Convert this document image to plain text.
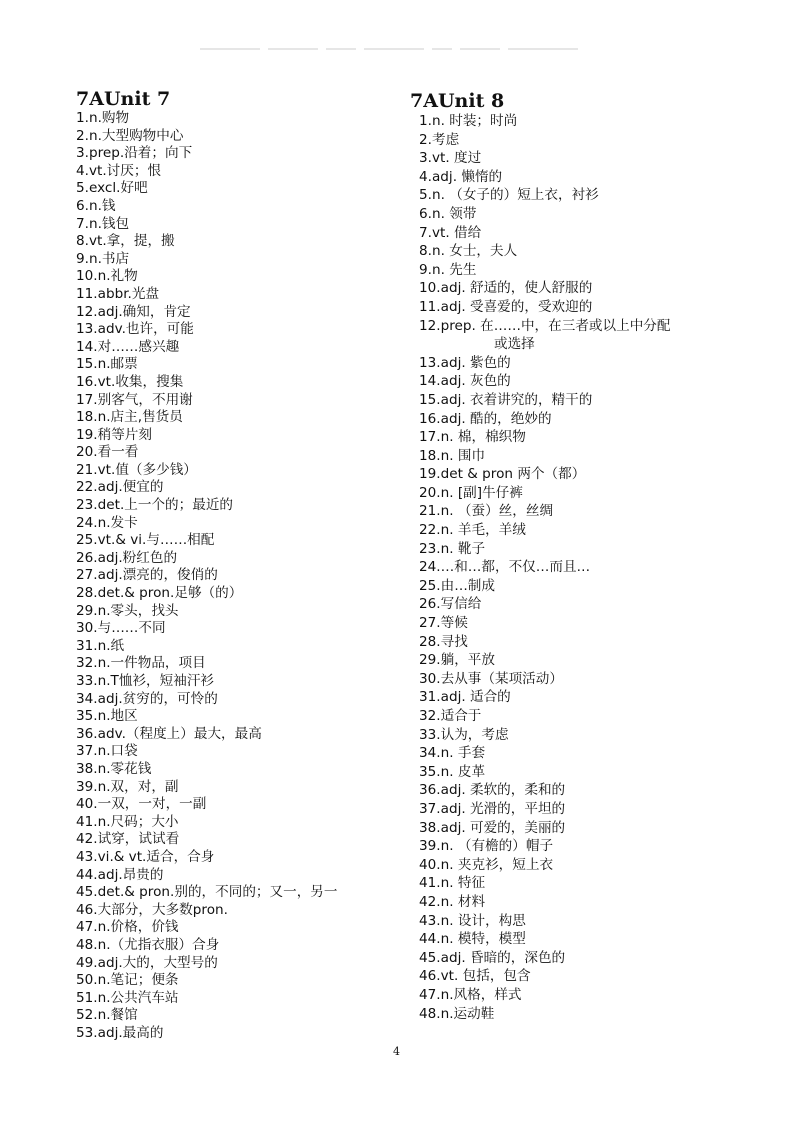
7AUnit 7
1.n.购物
2.n.大型购物中心
3.prep.沿着；向下
4.vt.讨厌；恨
5.excl.好吧
6.n.钱
7.n.钱包
8.vt.拿，提，搬
9.n.书店
10.n.礼物
11.abbr.光盘
12.adj.确知，肯定
13.adv.也许，可能
14.对……感兴趣
15.n.邮票
16.vt.收集，搜集
17.别客气，不用谢
18.n.店主,售货员
19.稍等片刻
20.看一看
21.vt.值（多少钱）
22.adj.便宜的
23.det.上一个的；最近的
24.n.发卡
25.vt.& vi.与……相配
26.adj.粉红色的
27.adj.漂亮的，俊俏的
28.det.& pron.足够（的）
29.n.零头，找头
30.与……不同
31.n.纸
32.n.一件物品，项目
33.n.T恤衫，短袖汗衫
34.adj.贫穷的，可怜的
35.n.地区
36.adv.（程度上）最大，最高
37.n.口袋
38.n.零花钱
39.n.双，对，副
40.一双，一对，一副
41.n.尺码；大小
42.试穿，试试看
43.vi.& vt.适合，合身
44.adj.昂贵的
45.det.& pron.别的，不同的；又一，另一
46.大部分，大多数pron.
47.n.价格，价钱
48.n.（尤指衣服）合身
49.adj.大的，大型号的
50.n.笔记；便条
51.n.公共汽车站
52.n.餐馆
53.adj.最高的
7AUnit 8
1.n. 时装；时尚
2.考虑
3.vt. 度过
4.adj. 懒惰的
5.n. （女子的）短上衣，衬衫
6.n. 领带
7.vt. 借给
8.n. 女士，夫人
9.n. 先生
10.adj. 舒适的，使人舒服的
11.adj. 受喜爱的，受欢迎的
12.prep. 在……中，在三者或以上中分配
或选择
13.adj. 紫色的
14.adj. 灰色的
15.adj. 衣着讲究的，精干的
16.adj. 酷的，绝妙的
17.n. 棉，棉织物
18.n. 围巾
19.det & pron 两个（都）
20.n. [副]牛仔裤
21.n. （蚕）丝，丝绸
22.n. 羊毛，羊绒
23.n. 靴子
24.…和…都，不仅…而且…
25.由…制成
26.写信给
27.等候
28.寻找
29.躺，平放
30.去从事（某项活动）
31.adj. 适合的
32.适合于
33.认为，考虑
34.n. 手套
35.n. 皮革
36.adj. 柔软的，柔和的
37.adj. 光滑的，平坦的
38.adj. 可爱的，美丽的
39.n. （有檐的）帽子
40.n. 夹克衫，短上衣
41.n. 特征
42.n. 材料
43.n. 设计，构思
44.n. 模特，模型
45.adj. 昏暗的，深色的
46.vt. 包括，包含
47.n.风格，样式
48.n.运动鞋
4
